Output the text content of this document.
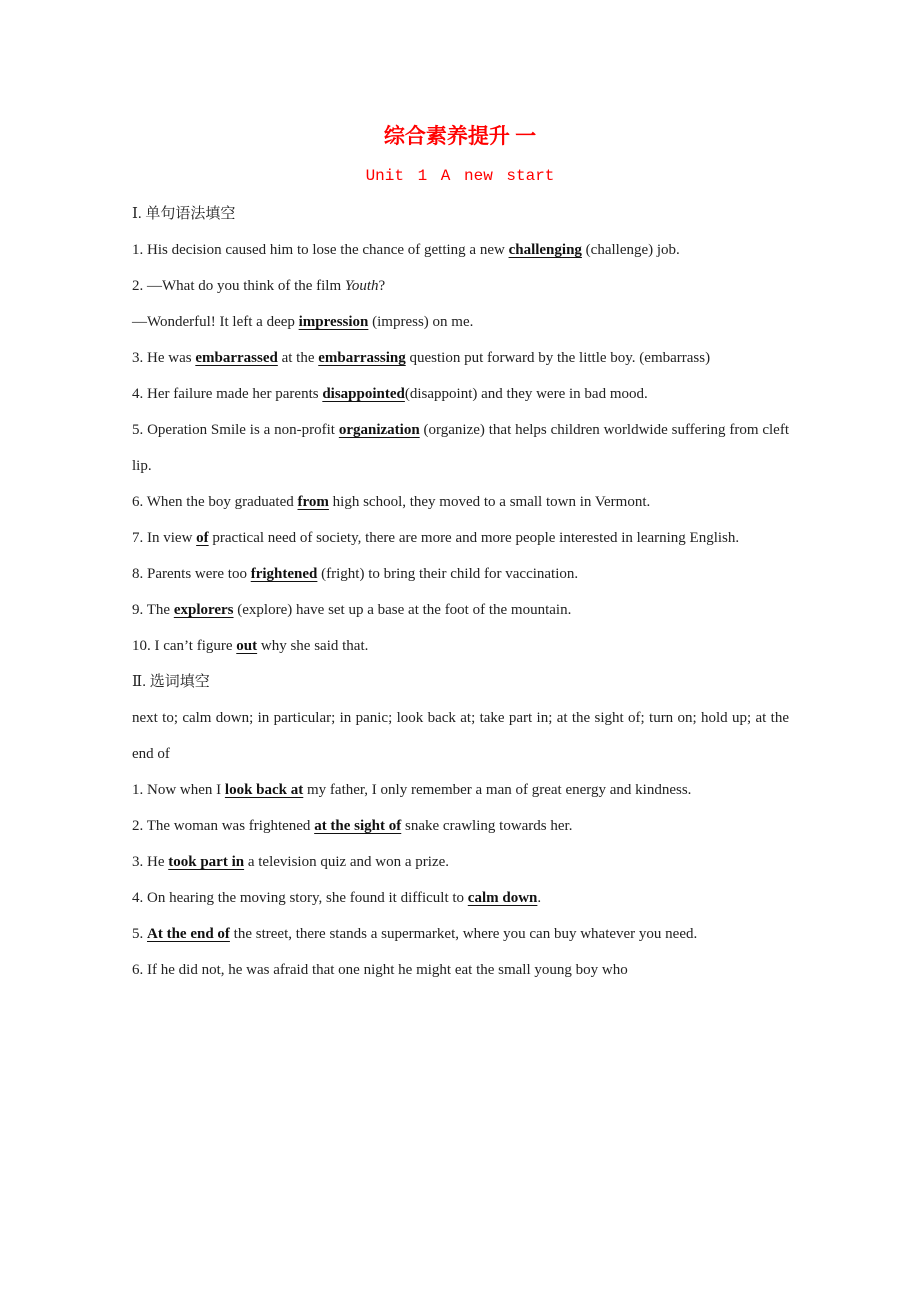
综合素养提升 一
Unit 1 A new start
Ⅰ. 单句语法填空
1. His decision caused him to lose the chance of getting a new challenging (challenge) job.
2. —What do you think of the film Youth?
—Wonderful! It left a deep impression (impress) on me.
3. He was embarrassed at the embarrassing question put forward by the little boy. (embarrass)
4. Her failure made her parents disappointed(disappoint) and they were in bad mood.
5. Operation Smile is a non-profit organization (organize) that helps children worldwide suffering from cleft lip.
6. When the boy graduated from high school, they moved to a small town in Vermont.
7. In view of practical need of society, there are more and more people interested in learning English.
8. Parents were too frightened (fright) to bring their child for vaccination.
9. The explorers (explore) have set up a base at the foot of the mountain.
10. I can’t figure out why she said that.
Ⅱ. 选词填空
next to; calm down; in particular; in panic; look back at; take part in; at the sight of; turn on; hold up; at the end of
1. Now when I look back at my father, I only remember a man of great energy and kindness.
2. The woman was frightened at the sight of snake crawling towards her.
3. He took part in a television quiz and won a prize.
4. On hearing the moving story, she found it difficult to calm down.
5. At the end of the street, there stands a supermarket, where you can buy whatever you need.
6. If he did not, he was afraid that one night he might eat the small young boy who
